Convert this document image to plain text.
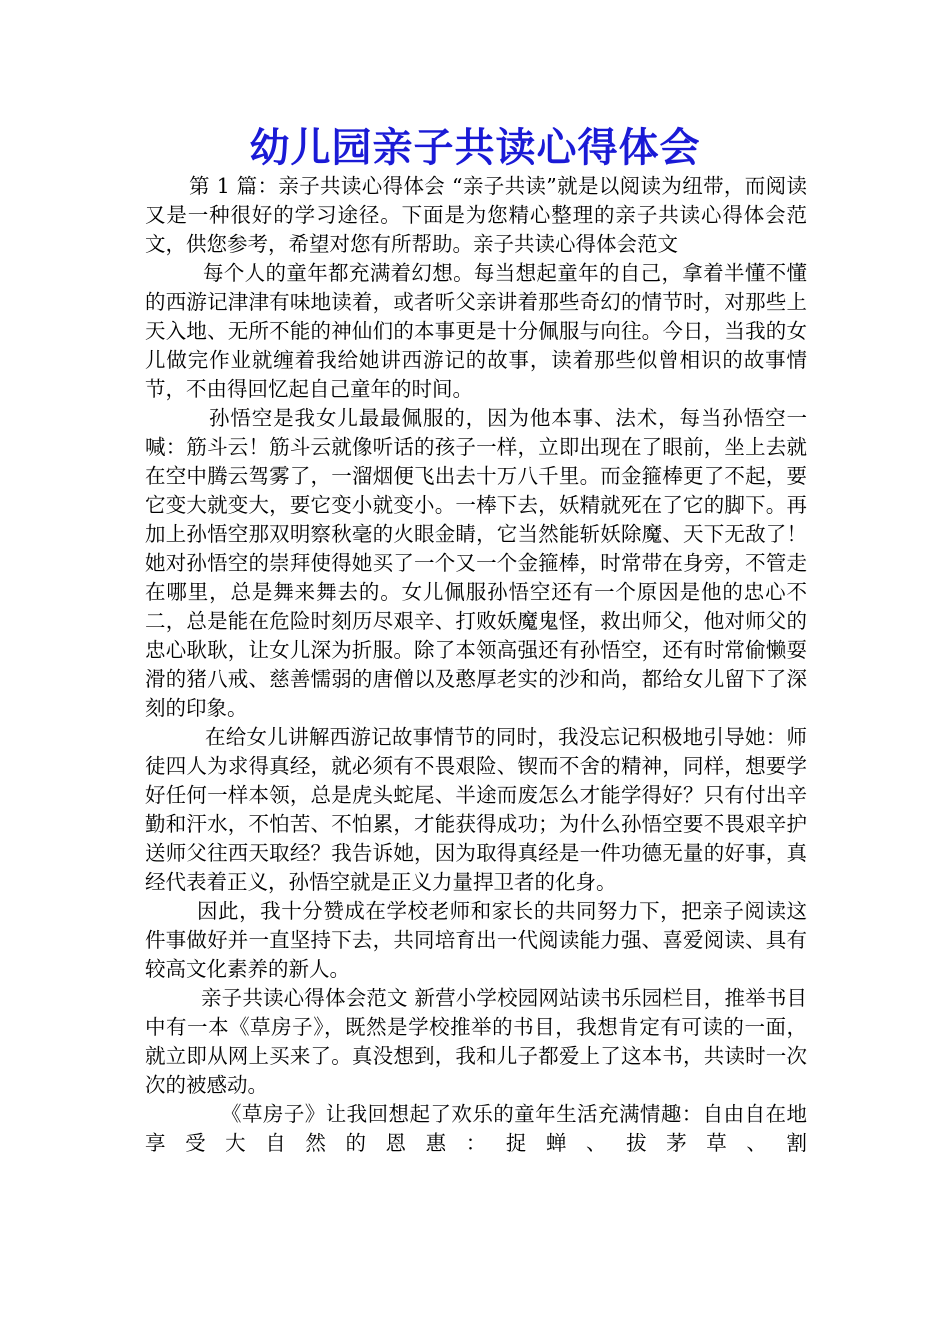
幼儿园亲子共读心得体会

第 1 篇：亲子共读心得体会 “亲子共读”就是以阅读为纽带，而阅读又是一种很好的学习途径。下面是为您精心整理的亲子共读心得体会范文，供您参考，希望对您有所帮助。亲子共读心得体会范文

每个人的童年都充满着幻想。每当想起童年的自己，拿着半懂不懂的西游记津津有味地读着，或者听父亲讲着那些奇幻的情节时，对那些上天入地、无所不能的神仙们的本事更是十分佩服与向往。今日，当我的女儿做完作业就缠着我给她讲西游记的故事，读着那些似曾相识的故事情节，不由得回忆起自己童年的时间。

孙悟空是我女儿最最佩服的，因为他本事、法术，每当孙悟空一喊：筋斗云！筋斗云就像听话的孩子一样，立即出现在了眼前，坐上去就在空中腾云驾雾了，一溜烟便飞出去十万八千里。而金箍棒更了不起，要它变大就变大，要它变小就变小。一棒下去，妖精就死在了它的脚下。再加上孙悟空那双明察秋毫的火眼金睛，它当然能斩妖除魔、天下无敌了！她对孙悟空的崇拜使得她买了一个又一个金箍棒，时常带在身旁，不管走在哪里，总是舞来舞去的。女儿佩服孙悟空还有一个原因是他的忠心不二，总是能在危险时刻历尽艰辛、打败妖魔鬼怪，救出师父，他对师父的忠心耿耿，让女儿深为折服。除了本领高强还有孙悟空，还有时常偷懒耍滑的猪八戒、慈善懦弱的唐僧以及憨厚老实的沙和尚，都给女儿留下了深刻的印象。

在给女儿讲解西游记故事情节的同时，我没忘记积极地引导她：师徒四人为求得真经，就必须有不畏艰险、锲而不舍的精神，同样，想要学好任何一样本领，总是虎头蛇尾、半途而废怎么才能学得好？只有付出辛勤和汗水，不怕苦、不怕累，才能获得成功；为什么孙悟空要不畏艰辛护送师父往西天取经？我告诉她，因为取得真经是一件功德无量的好事，真经代表着正义，孙悟空就是正义力量捍卫者的化身。

因此，我十分赞成在学校老师和家长的共同努力下，把亲子阅读这件事做好并一直坚持下去，共同培育出一代阅读能力强、喜爱阅读、具有较高文化素养的新人。

亲子共读心得体会范文 新营小学校园网站读书乐园栏目，推举书目中有一本《草房子》，既然是学校推举的书目，我想肯定有可读的一面，就立即从网上买来了。真没想到，我和儿子都爱上了这本书，共读时一次次的被感动。

《草房子》让我回想起了欢乐的童年生活充满情趣：自由自在地享受大自然的恩惠：捉蝉、拔茅草、割
